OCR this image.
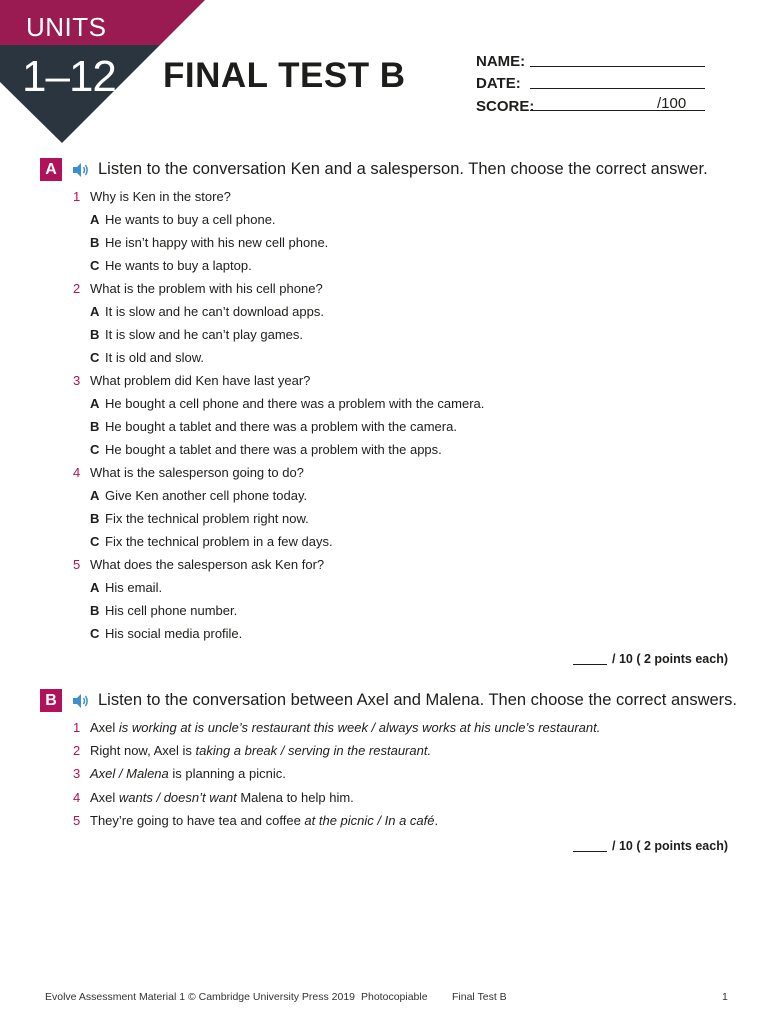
UNITS
1–12 FINAL TEST B	NAME:
DATE:
SCORE:	/100
A	Listen to the conversation Ken and a salesperson. Then choose the correct answer.
1 Why is Ken in the store?
A He wants to buy a cell phone.
B He isn’t happy with his new cell phone.
C He wants to buy a laptop.
2 What is the problem with his cell phone?
A It is slow and he can’t download apps.
B It is slow and he can’t play games.
C It is old and slow.
3 What problem did Ken have last year?
A He bought a cell phone and there was a problem with the camera.
B He bought a tablet and there was a problem with the camera.
C He bought a tablet and there was a problem with the apps.
4 What is the salesperson going to do?
A Give Ken another cell phone today.
B Fix the technical problem right now.
C Fix the technical problem in a few days.
5 What does the salesperson ask Ken for?
A His email.
B His cell phone number.
C His social media profile.
/ 10 ( 2 points each)
B	Listen to the conversation between Axel and Malena. Then choose the correct answers.
1 Axel is working at is uncle’s restaurant this week / always works at his uncle’s restaurant.
2 Right now, Axel is taking a break / serving in the restaurant.
3 Axel / Malena is planning a picnic.
4 Axel wants / doesn’t want Malena to help him.
5 They’re going to have tea and coffee at the picnic / In a café.
/ 10 ( 2 points each)
Evolve Assessment Material 1 © Cambridge University Press 2019 Photocopiable Final Test B	1
